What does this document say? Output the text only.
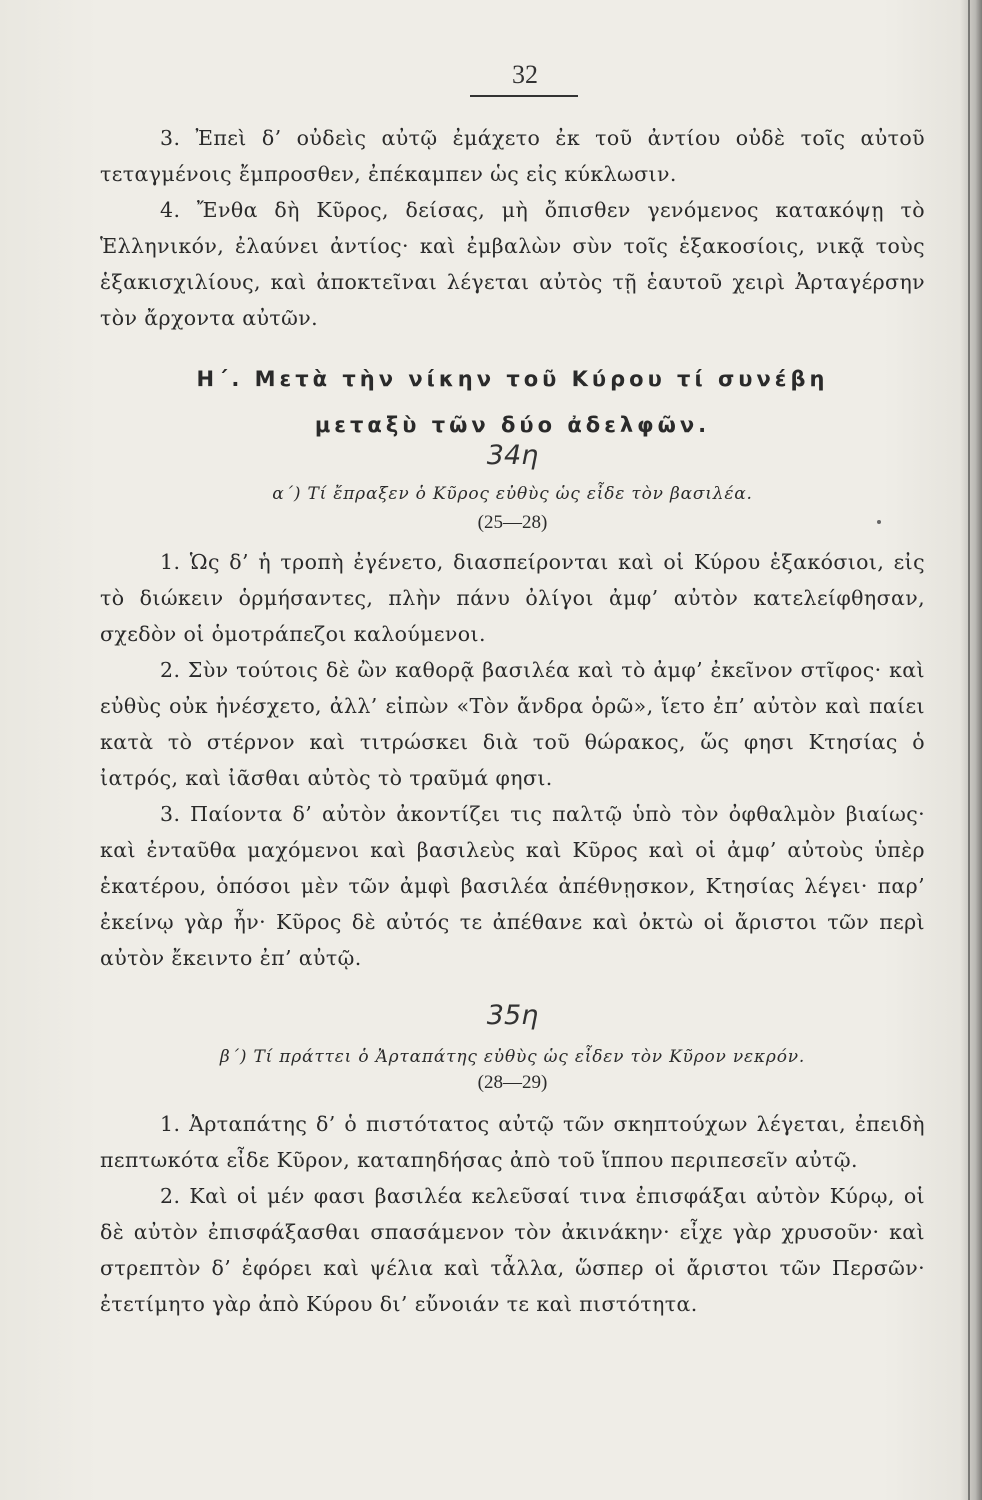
32

3. Ἐπεὶ δ’ οὐδεὶς αὐτῷ ἐμάχετο ἐκ τοῦ ἀντίου οὐδὲ τοῖς αὐτοῦ τεταγμένοις ἔμπροσθεν, ἐπέκαμπεν ὡς εἰς κύκλωσιν.

4. Ἔνθα δὴ Κῦρος, δείσας, μὴ ὄπισθεν γενόμενος κατακόψῃ τὸ Ἑλληνικόν, ἐλαύνει ἀντίος· καὶ ἐμβαλὼν σὺν τοῖς ἑξακοσίοις, νικᾷ τοὺς ἑξακισχιλίους, καὶ ἀποκτεῖναι λέγεται αὐτὸς τῇ ἑαυτοῦ χειρὶ Ἀρταγέρσην τὸν ἄρχοντα αὐτῶν.

Η΄. Μετὰ τὴν νίκην τοῦ Κύρου τί συνέβη
μεταξὺ τῶν δύο ἀδελφῶν.
34η
α΄) Τί ἔπραξεν ὁ Κῦρος εὐθὺς ὡς εἶδε τὸν βασιλέα.
(25—28)

1. Ὡς δ’ ἡ τροπὴ ἐγένετο, διασπείρονται καὶ οἱ Κύρου ἑξακόσιοι, εἰς τὸ διώκειν ὁρμήσαντες, πλὴν πάνυ ὀλίγοι ἀμφ’ αὐτὸν κατελείφθησαν, σχεδὸν οἱ ὁμοτράπεζοι καλούμενοι.

2. Σὺν τούτοις δὲ ὢν καθορᾷ βασιλέα καὶ τὸ ἀμφ’ ἐκεῖνον στῖφος· καὶ εὐθὺς οὐκ ἠνέσχετο, ἀλλ’ εἰπὼν «Τὸν ἄνδρα ὁρῶ», ἵετο ἐπ’ αὐτὸν καὶ παίει κατὰ τὸ στέρνον καὶ τιτρώσκει διὰ τοῦ θώρακος, ὥς φησι Κτησίας ὁ ἰατρός, καὶ ἰᾶσθαι αὐτὸς τὸ τραῦμά φησι.

3. Παίοντα δ’ αὐτὸν ἀκοντίζει τις παλτῷ ὑπὸ τὸν ὀφθαλμὸν βιαίως· καὶ ἐνταῦθα μαχόμενοι καὶ βασιλεὺς καὶ Κῦρος καὶ οἱ ἀμφ’ αὐτοὺς ὑπὲρ ἑκατέρου, ὁπόσοι μὲν τῶν ἀμφὶ βασιλέα ἀπέθνῃσκον, Κτησίας λέγει· παρ’ ἐκείνῳ γὰρ ἦν· Κῦρος δὲ αὐτός τε ἀπέθανε καὶ ὀκτὼ οἱ ἄριστοι τῶν περὶ αὐτὸν ἔκειντο ἐπ’ αὐτῷ.

35η
β΄) Τί πράττει ὁ Ἀρταπάτης εὐθὺς ὡς εἶδεν τὸν Κῦρον νεκρόν.
(28—29)

1. Ἀρταπάτης δ’ ὁ πιστότατος αὐτῷ τῶν σκηπτούχων λέγεται, ἐπειδὴ πεπτωκότα εἶδε Κῦρον, καταπηδήσας ἀπὸ τοῦ ἵππου περιπεσεῖν αὐτῷ.

2. Καὶ οἱ μέν φασι βασιλέα κελεῦσαί τινα ἐπισφάξαι αὐτὸν Κύρῳ, οἱ δὲ αὐτὸν ἐπισφάξασθαι σπασάμενον τὸν ἀκινάκην· εἶχε γὰρ χρυσοῦν· καὶ στρεπτὸν δ’ ἐφόρει καὶ ψέλια καὶ τἆλλα, ὥσπερ οἱ ἄριστοι τῶν Περσῶν· ἐτετίμητο γὰρ ἀπὸ Κύρου δι’ εὔνοιάν τε καὶ πιστότητα.
